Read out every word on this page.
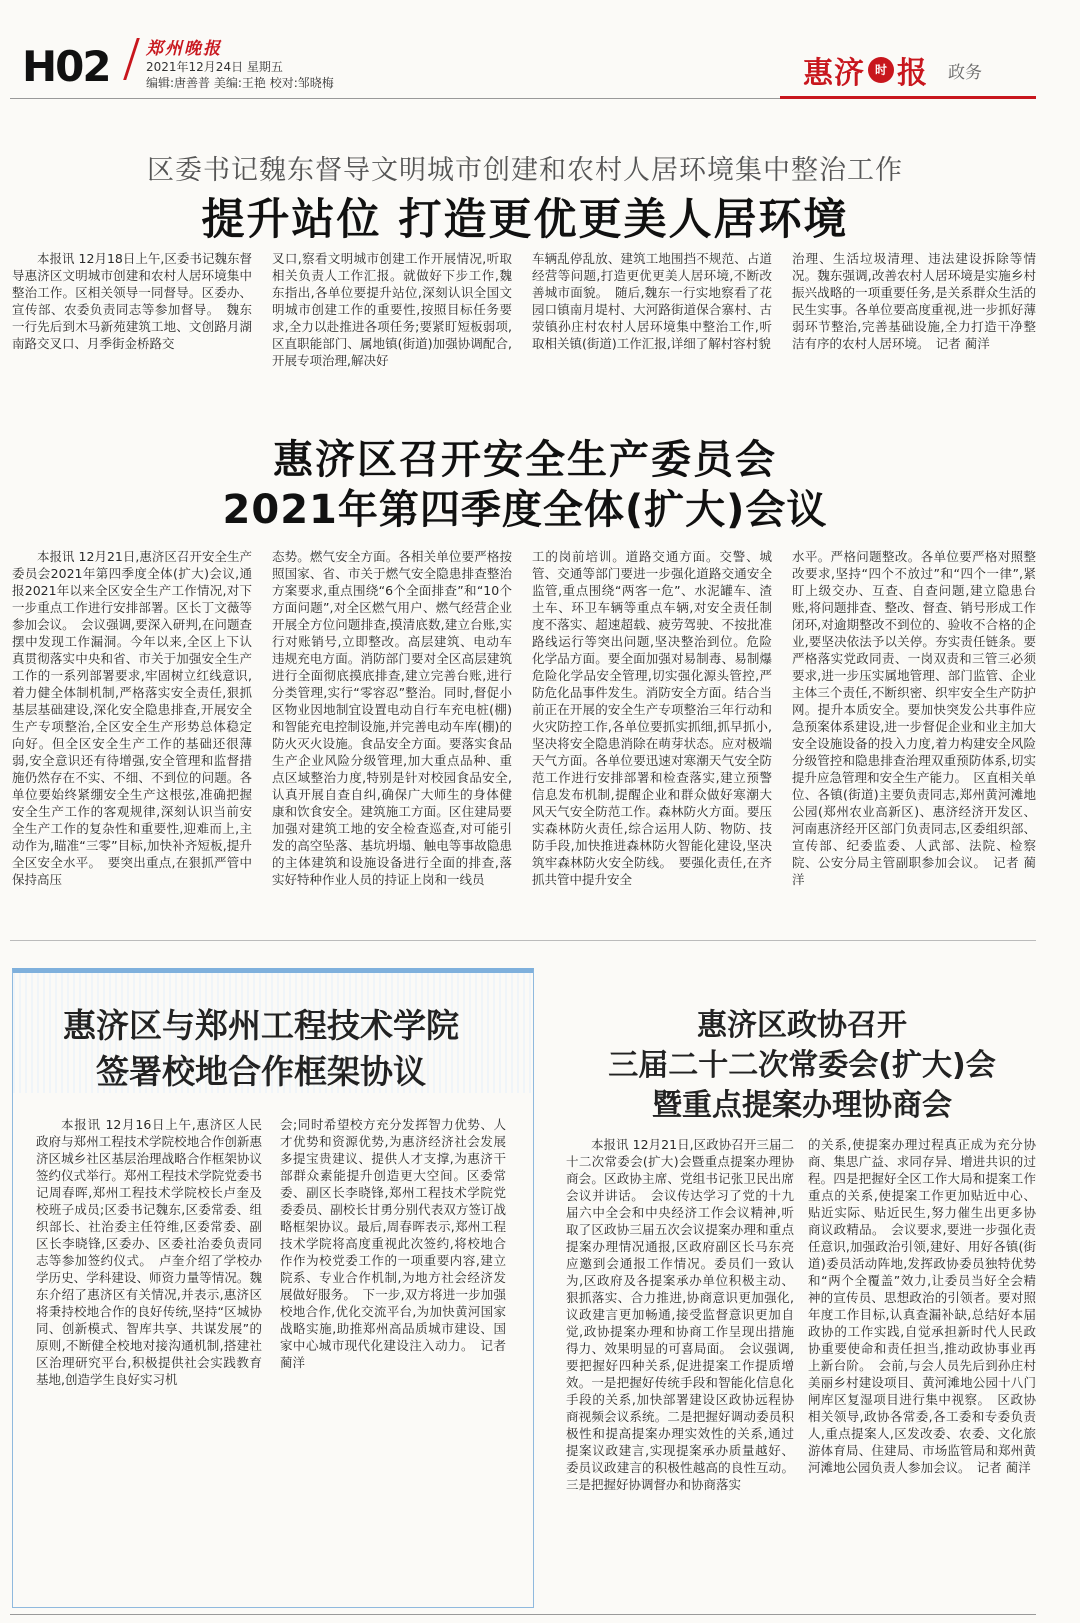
H02 郑州晚报
2021年12月24日 星期五
编辑:唐善普 美编:王艳 校对:邹晓梅	惠济 时 报 政务
区委书记魏东督导文明城市创建和农村人居环境集中整治工作
提升站位 打造更优更美人居环境

本报讯 12月18日上午,区委书记魏东督导惠济区文明城市创建和农村人居环境集中整治工作。区相关领导一同督导。区委办、宣传部、农委负责同志等参加督导。　魏东一行先后到木马新苑建筑工地、文创路月湖南路交叉口、月季街金桥路交

叉口,察看文明城市创建工作开展情况,听取相关负责人工作汇报。就做好下步工作,魏东指出,各单位要提升站位,深刻认识全国文明城市创建工作的重要性,按照目标任务要求,全力以赴推进各项任务;要紧盯短板弱项,区直职能部门、属地镇(街道)加强协调配合,开展专项治理,解决好

车辆乱停乱放、建筑工地围挡不规范、占道经营等问题,打造更优更美人居环境,不断改善城市面貌。　随后,魏东一行实地察看了花园口镇南月堤村、大河路街道保合寨村、古荥镇孙庄村农村人居环境集中整治工作,听取相关镇(街道)工作汇报,详细了解村容村貌

治理、生活垃圾清理、违法建设拆除等情况。魏东强调,改善农村人居环境是实施乡村振兴战略的一项重要任务,是关系群众生活的民生实事。各单位要高度重视,进一步抓好薄弱环节整治,完善基础设施,全力打造干净整洁有序的农村人居环境。　记者 蔺洋

惠济区召开安全生产委员会
2021年第四季度全体(扩大)会议

本报讯 12月21日,惠济区召开安全生产委员会2021年第四季度全体(扩大)会议,通报2021年以来全区安全生产工作情况,对下一步重点工作进行安排部署。区长丁文薇等参加会议。　会议强调,要深入研判,在问题查摆中发现工作漏洞。今年以来,全区上下认真贯彻落实中央和省、市关于加强安全生产工作的一系列部署要求,牢固树立红线意识,着力健全体制机制,严格落实安全责任,狠抓基层基础建设,深化安全隐患排查,开展安全生产专项整治,全区安全生产形势总体稳定向好。但全区安全生产工作的基础还很薄弱,安全意识还有待增强,安全管理和监督措施仍然存在不实、不细、不到位的问题。各单位要始终紧绷安全生产这根弦,准确把握安全生产工作的客观规律,深刻认识当前安全生产工作的复杂性和重要性,迎难而上,主动作为,瞄准“三零”目标,加快补齐短板,提升全区安全水平。　要突出重点,在狠抓严管中保持高压

态势。燃气安全方面。各相关单位要严格按照国家、省、市关于燃气安全隐患排查整治方案要求,重点围绕“6个全面排查”和“10个方面问题”,对全区燃气用户、燃气经营企业开展全方位问题排查,摸清底数,建立台账,实行对账销号,立即整改。高层建筑、电动车违规充电方面。消防部门要对全区高层建筑进行全面彻底摸底排查,建立完善台账,进行分类管理,实行“零容忍”整治。同时,督促小区物业因地制宜设置电动自行车充电桩(棚)和智能充电控制设施,并完善电动车库(棚)的防火灭火设施。食品安全方面。要落实食品生产企业风险分级管理,加大重点品种、重点区域整治力度,特别是针对校园食品安全,认真开展自查自纠,确保广大师生的身体健康和饮食安全。建筑施工方面。区住建局要加强对建筑工地的安全检查巡查,对可能引发的高空坠落、基坑坍塌、触电等事故隐患的主体建筑和设施设备进行全面的排查,落实好特种作业人员的持证上岗和一线员

工的岗前培训。道路交通方面。交警、城管、交通等部门要进一步强化道路交通安全监管,重点围绕“两客一危”、水泥罐车、渣土车、环卫车辆等重点车辆,对安全责任制度不落实、超速超载、疲劳驾驶、不按批准路线运行等突出问题,坚决整治到位。危险化学品方面。要全面加强对易制毒、易制爆危险化学品安全管理,切实强化源头管控,严防危化品事件发生。消防安全方面。结合当前正在开展的安全生产专项整治三年行动和火灾防控工作,各单位要抓实抓细,抓早抓小,坚决将安全隐患消除在萌芽状态。应对极端天气方面。各单位要迅速对寒潮天气安全防范工作进行安排部署和检查落实,建立预警信息发布机制,提醒企业和群众做好寒潮大风天气安全防范工作。森林防火方面。要压实森林防火责任,综合运用人防、物防、技防手段,加快推进森林防火智能化建设,坚决筑牢森林防火安全防线。　要强化责任,在齐抓共管中提升安全

水平。严格问题整改。各单位要严格对照整改要求,坚持“四个不放过”和“四个一律”,紧盯上级交办、互查、自查问题,建立隐患台账,将问题排查、整改、督查、销号形成工作闭环,对逾期整改不到位的、验收不合格的企业,要坚决依法予以关停。夯实责任链条。要严格落实党政同责、一岗双责和三管三必须要求,进一步压实属地管理、部门监管、企业主体三个责任,不断织密、织牢安全生产防护网。提升本质安全。要加快突发公共事件应急预案体系建设,进一步督促企业和业主加大安全设施设备的投入力度,着力构建安全风险分级管控和隐患排查治理双重预防体系,切实提升应急管理和安全生产能力。　区直相关单位、各镇(街道)主要负责同志,郑州黄河滩地公园(郑州农业高新区)、惠济经济开发区、河南惠济经开区部门负责同志,区委组织部、宣传部、纪委监委、人武部、法院、检察院、公安分局主管副职参加会议。　记者 蔺洋

惠济区与郑州工程技术学院
签署校地合作框架协议

本报讯 12月16日上午,惠济区人民政府与郑州工程技术学院校地合作创新惠济区城乡社区基层治理战略合作框架协议签约仪式举行。郑州工程技术学院党委书记周春晖,郑州工程技术学院校长卢奎及校班子成员;区委书记魏东,区委常委、组织部长、社治委主任符维,区委常委、副区长李晓锋,区委办、区委社治委负责同志等参加签约仪式。　卢奎介绍了学校办学历史、学科建设、师资力量等情况。魏东介绍了惠济区有关情况,并表示,惠济区将秉持校地合作的良好传统,坚持“区城协同、创新模式、智库共享、共谋发展”的原则,不断健全校地对接沟通机制,搭建社区治理研究平台,积极提供社会实践教育基地,创造学生良好实习机

会;同时希望校方充分发挥智力优势、人才优势和资源优势,为惠济经济社会发展多提宝贵建议、提供人才支撑,为惠济干部群众素能提升创造更大空间。区委常委、副区长李晓锋,郑州工程技术学院党委委员、副校长甘勇分别代表双方签订战略框架协议。最后,周春晖表示,郑州工程技术学院将高度重视此次签约,将校地合作作为校党委工作的一项重要内容,建立院系、专业合作机制,为地方社会经济发展做好服务。　下一步,双方将进一步加强校地合作,优化交流平台,为加快黄河国家战略实施,助推郑州高品质城市建设、国家中心城市现代化建设注入动力。　记者 蔺洋

惠济区政协召开
三届二十二次常委会(扩大)会
暨重点提案办理协商会

本报讯 12月21日,区政协召开三届二十二次常委会(扩大)会暨重点提案办理协商会。区政协主席、党组书记张卫民出席会议并讲话。　会议传达学习了党的十九届六中全会和中央经济工作会议精神,听取了区政协三届五次会议提案办理和重点提案办理情况通报,区政府副区长马东亮应邀到会通报工作情况。委员们一致认为,区政府及各提案承办单位积极主动、狠抓落实、合力推进,协商意识更加强化,议政建言更加畅通,接受监督意识更加自觉,政协提案办理和协商工作呈现出措施得力、效果明显的可喜局面。　会议强调,要把握好四种关系,促进提案工作提质增效。一是把握好传统手段和智能化信息化手段的关系,加快部署建设区政协远程协商视频会议系统。二是把握好调动委员积极性和提高提案办理实效性的关系,通过提案议政建言,实现提案承办质量越好、委员议政建言的积极性越高的良性互动。三是把握好协调督办和协商落实

的关系,使提案办理过程真正成为充分协商、集思广益、求同存异、增进共识的过程。四是把握好全区工作大局和提案工作重点的关系,使提案工作更加贴近中心、贴近实际、贴近民生,努力催生出更多协商议政精品。　会议要求,要进一步强化责任意识,加强政治引领,建好、用好各镇(街道)委员活动阵地,发挥政协委员独特优势和“两个全覆盖”效力,让委员当好全会精神的宣传员、思想政治的引领者。要对照年度工作目标,认真查漏补缺,总结好本届政协的工作实践,自觉承担新时代人民政协重要使命和责任担当,推动政协事业再上新台阶。　会前,与会人员先后到孙庄村美丽乡村建设项目、黄河滩地公园十八门闸库区复湿项目进行集中视察。　区政协相关领导,政协各常委,各工委和专委负责人,重点提案人,区发改委、农委、文化旅游体育局、住建局、市场监管局和郑州黄河滩地公园负责人参加会议。　记者 蔺洋
